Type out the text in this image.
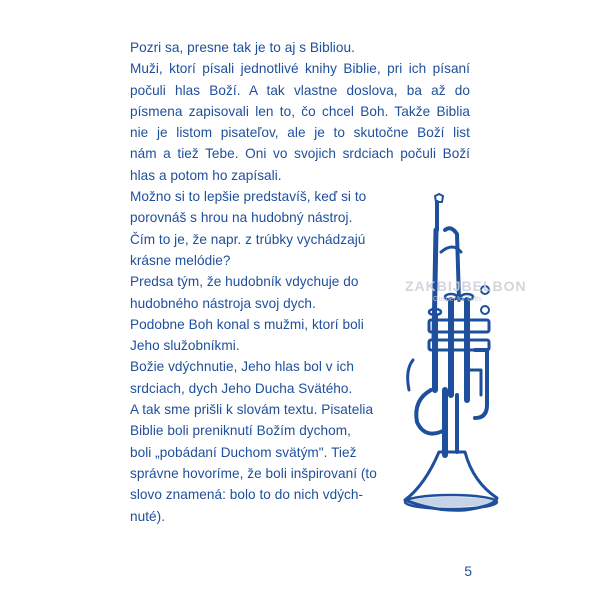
Pozri sa, presne tak je to aj s Bibliou.
Muži, ktorí písali jednotlivé knihy Biblie, pri ich písaní
počuli hlas Boží. A tak vlastne doslova, ba až do
písmena zapisovali len to, čo chcel Boh. Takže Biblia
nie je listom pisateľov, ale je to skutočne Boží list
nám a tiež Tebe. Oni vo svojich srdciach počuli Boží
hlas a potom ho zapísali.
Možno si to lepšie predstavíš, keď si to
porovnáš s hrou na hudobný nástroj.
Čím to je, že napr. z trúbky vychádzajú
krásne melódie?
Predsa tým, že hudobník vdychuje do
hudobného nástroja svoj dych.
Podobne Boh konal s mužmi, ktorí boli
Jeho služobníkmi.
Božie vdýchnutie, Jeho hlas bol v ich
srdciach, dych Jeho Ducha Svätého.
A tak sme prišli k slovám textu. Pisatelia
Biblie boli preniknutí Božím dychom,
boli „pobádaní Duchom svätým". Tiež
správne hovoríme, že boli inšpirovaní (to
slovo znamená: bolo to do nich vdých-
nuté).
ZAKBIJBELBON
Gospel for Gifts
5
